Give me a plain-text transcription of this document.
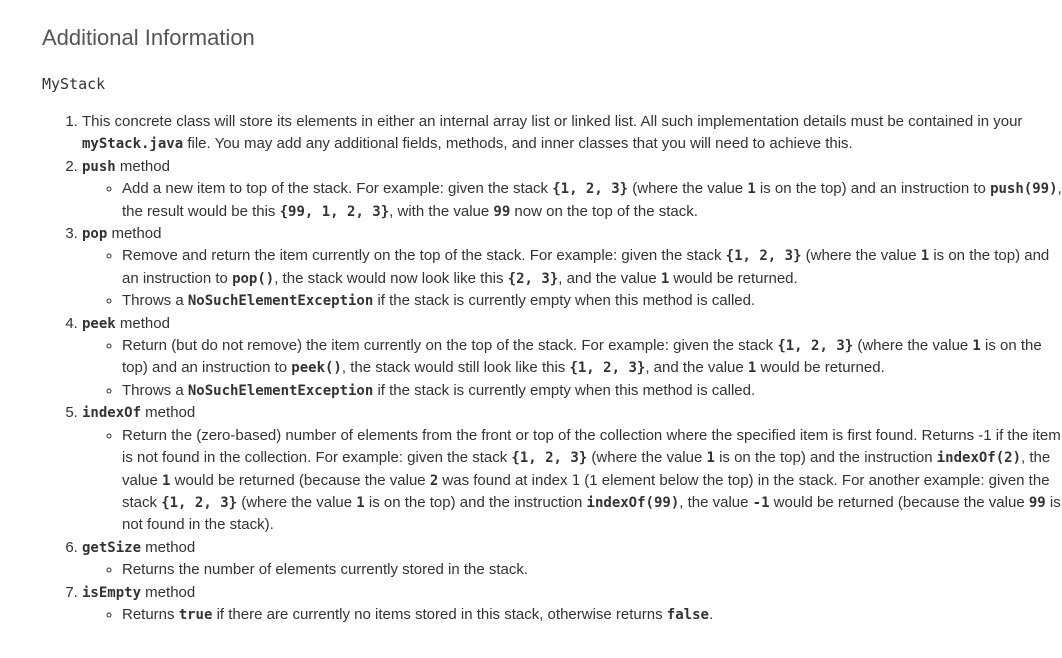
Additional Information

MyStack

1. This concrete class will store its elements in either an internal array list or linked list. All such implementation details must be contained in your myStack.java file. You may add any additional fields, methods, and inner classes that you will need to achieve this.
2. push method
◦ Add a new item to top of the stack. For example: given the stack {1, 2, 3} (where the value 1 is on the top) and an instruction to push(99), the result would be this {99, 1, 2, 3}, with the value 99 now on the top of the stack.
3. pop method
◦ Remove and return the item currently on the top of the stack. For example: given the stack {1, 2, 3} (where the value 1 is on the top) and an instruction to pop(), the stack would now look like this {2, 3}, and the value 1 would be returned.
◦ Throws a NoSuchElementException if the stack is currently empty when this method is called.
4. peek method
◦ Return (but do not remove) the item currently on the top of the stack. For example: given the stack {1, 2, 3} (where the value 1 is on the top) and an instruction to peek(), the stack would still look like this {1, 2, 3}, and the value 1 would be returned.
◦ Throws a NoSuchElementException if the stack is currently empty when this method is called.
5. indexOf method
◦ Return the (zero-based) number of elements from the front or top of the collection where the specified item is first found. Returns -1 if the item is not found in the collection. For example: given the stack {1, 2, 3} (where the value 1 is on the top) and the instruction indexOf(2), the value 1 would be returned (because the value 2 was found at index 1 (1 element below the top) in the stack. For another example: given the stack {1, 2, 3} (where the value 1 is on the top) and the instruction indexOf(99), the value -1 would be returned (because the value 99 is not found in the stack).
6. getSize method
◦ Returns the number of elements currently stored in the stack.
7. isEmpty method
◦ Returns true if there are currently no items stored in this stack, otherwise returns false.
